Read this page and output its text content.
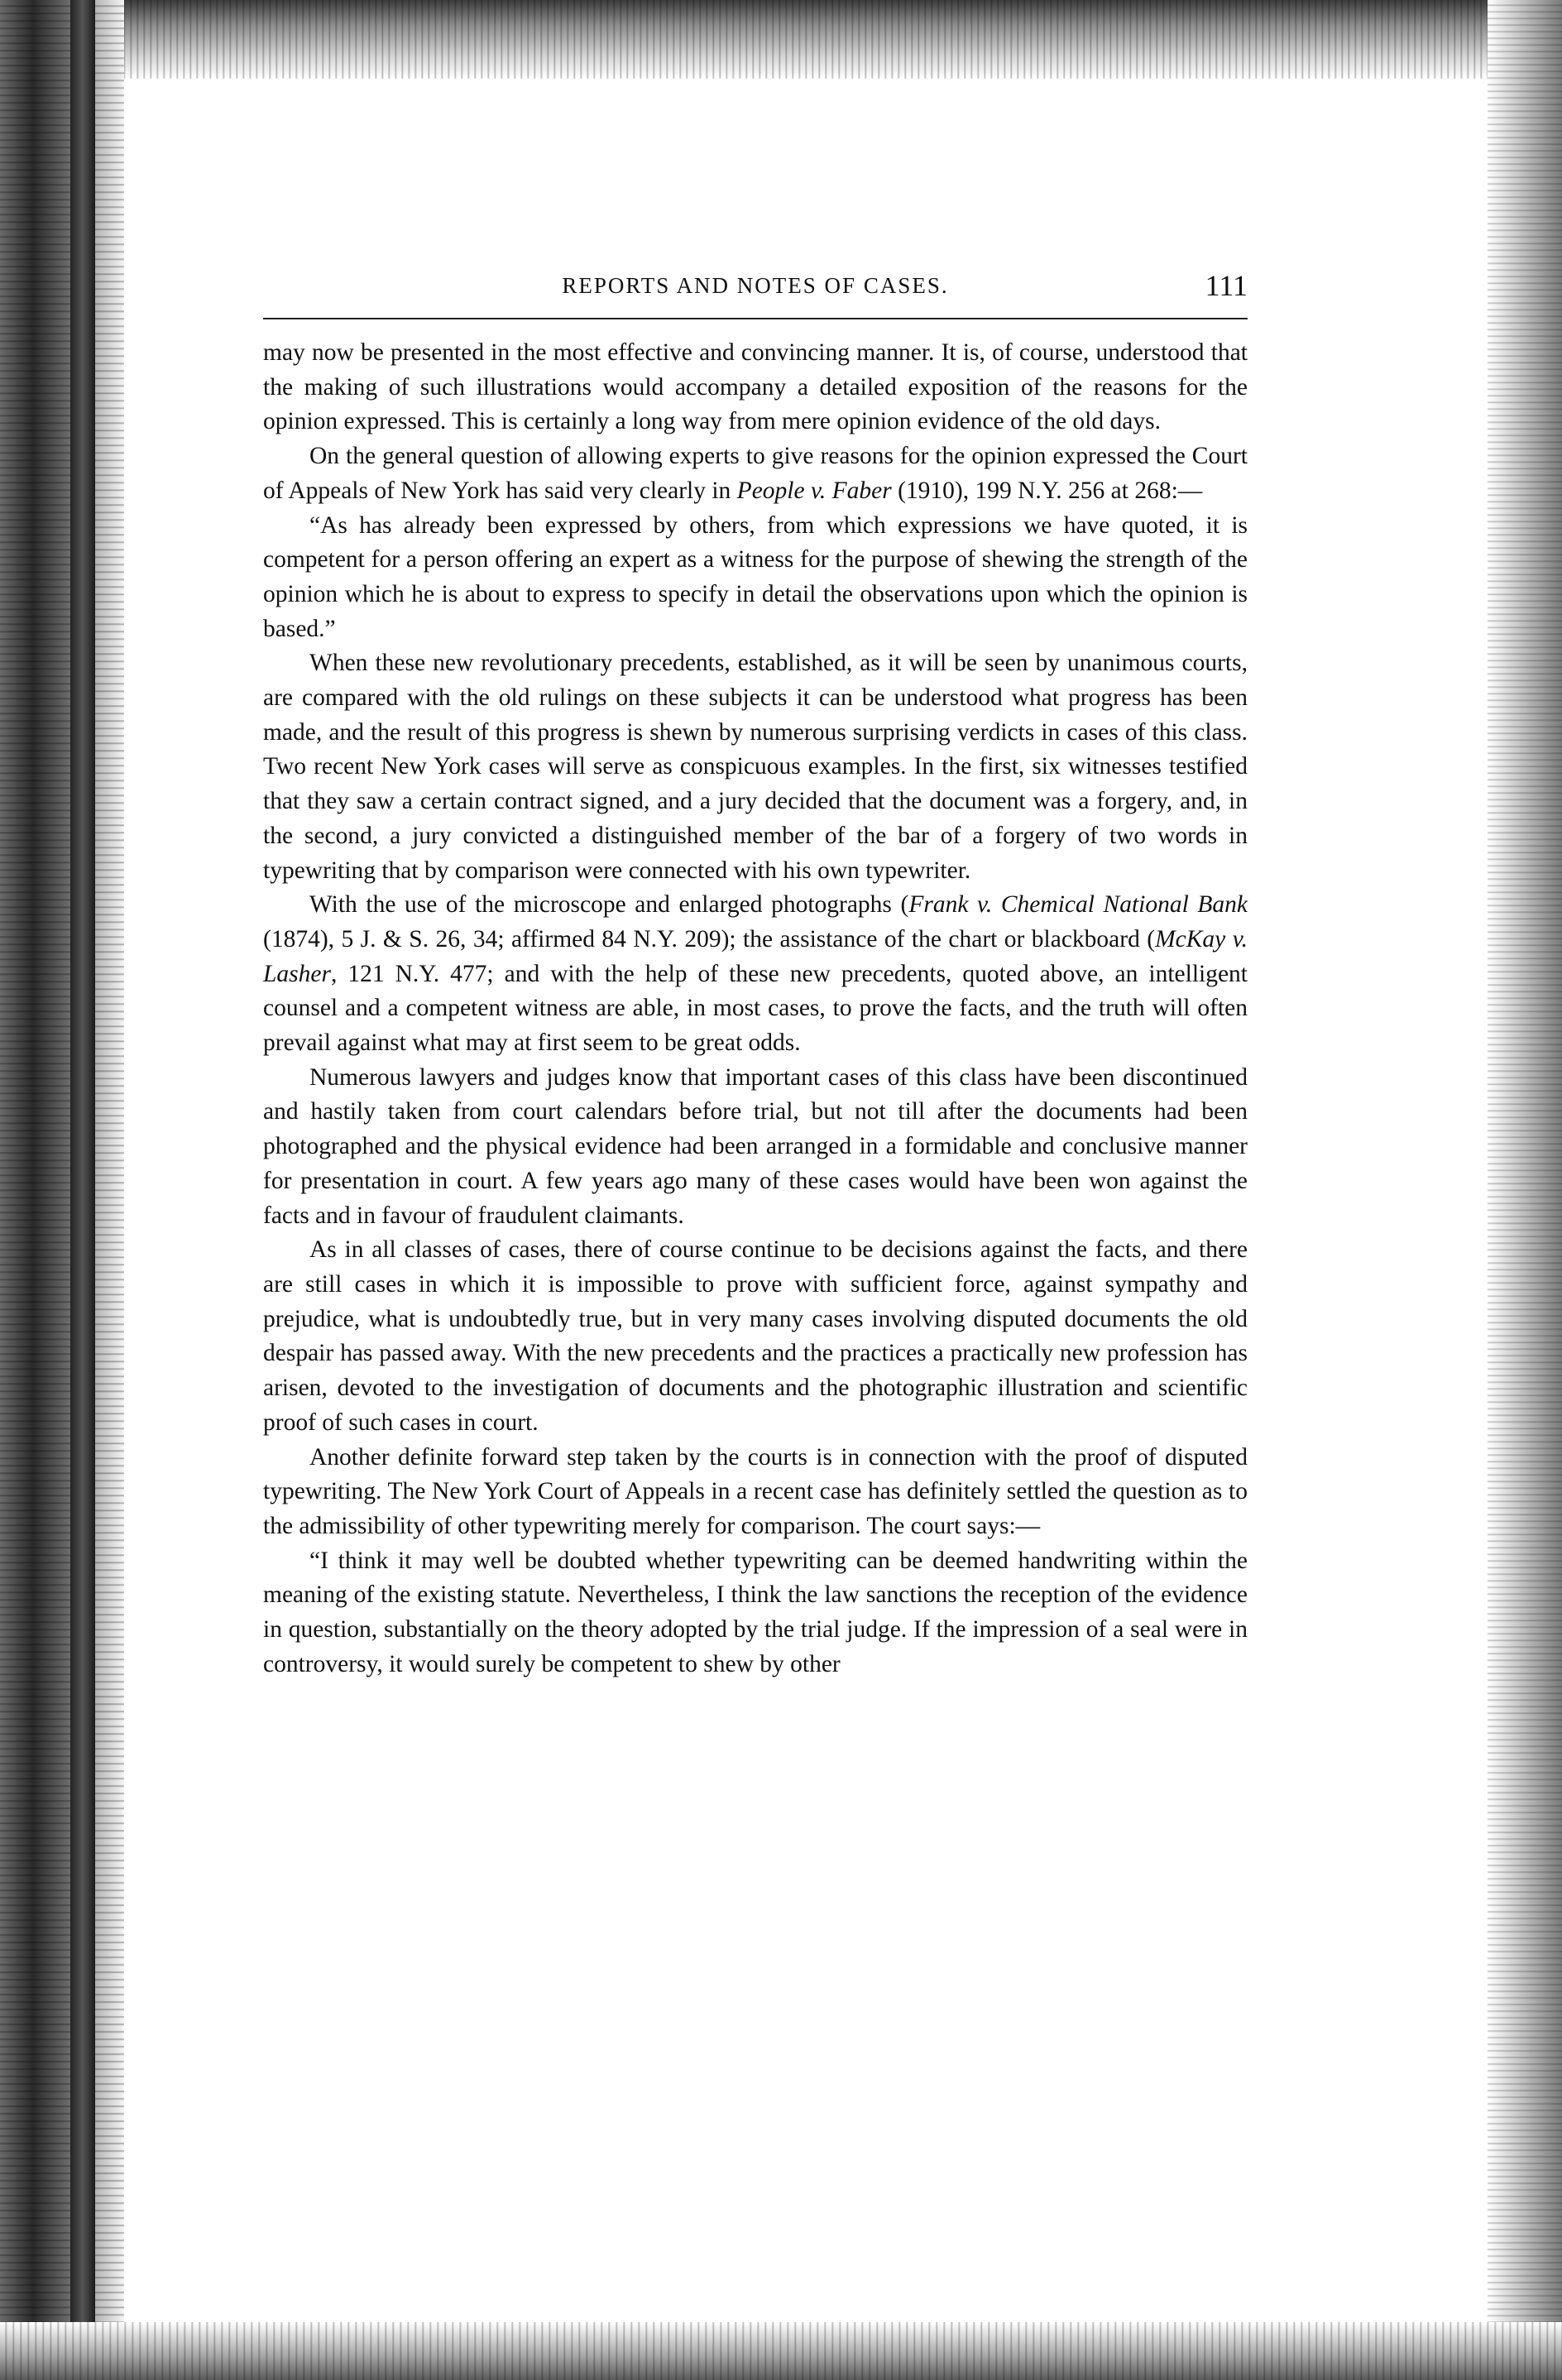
REPORTS AND NOTES OF CASES.	111

may now be presented in the most effective and convincing manner. It is, of course, understood that the making of such illustrations would accompany a detailed exposition of the reasons for the opinion expressed. This is certainly a long way from mere opinion evidence of the old days.

On the general question of allowing experts to give reasons for the opinion expressed the Court of Appeals of New York has said very clearly in People v. Faber (1910), 199 N.Y. 256 at 268:—

“As has already been expressed by others, from which expressions we have quoted, it is competent for a person offering an expert as a witness for the purpose of shewing the strength of the opinion which he is about to express to specify in detail the observations upon which the opinion is based.”

When these new revolutionary precedents, established, as it will be seen by unanimous courts, are compared with the old rulings on these subjects it can be understood what progress has been made, and the result of this progress is shewn by numerous surprising verdicts in cases of this class. Two recent New York cases will serve as conspicuous examples. In the first, six witnesses testified that they saw a certain contract signed, and a jury decided that the document was a forgery, and, in the second, a jury convicted a distinguished member of the bar of a forgery of two words in typewriting that by comparison were connected with his own typewriter.

With the use of the microscope and enlarged photographs (Frank v. Chemical National Bank (1874), 5 J. & S. 26, 34; affirmed 84 N.Y. 209); the assistance of the chart or blackboard (McKay v. Lasher, 121 N.Y. 477; and with the help of these new precedents, quoted above, an intelligent counsel and a competent witness are able, in most cases, to prove the facts, and the truth will often prevail against what may at first seem to be great odds.

Numerous lawyers and judges know that important cases of this class have been discontinued and hastily taken from court calendars before trial, but not till after the documents had been photographed and the physical evidence had been arranged in a formidable and conclusive manner for presentation in court. A few years ago many of these cases would have been won against the facts and in favour of fraudulent claimants.

As in all classes of cases, there of course continue to be decisions against the facts, and there are still cases in which it is impossible to prove with sufficient force, against sympathy and prejudice, what is undoubtedly true, but in very many cases involving disputed documents the old despair has passed away. With the new precedents and the practices a practically new profession has arisen, devoted to the investigation of documents and the photographic illustration and scientific proof of such cases in court.

Another definite forward step taken by the courts is in connection with the proof of disputed typewriting. The New York Court of Appeals in a recent case has definitely settled the question as to the admissibility of other typewriting merely for comparison. The court says:—

“I think it may well be doubted whether typewriting can be deemed handwriting within the meaning of the existing statute. Nevertheless, I think the law sanctions the reception of the evidence in question, substantially on the theory adopted by the trial judge. If the impression of a seal were in controversy, it would surely be competent to shew by other
